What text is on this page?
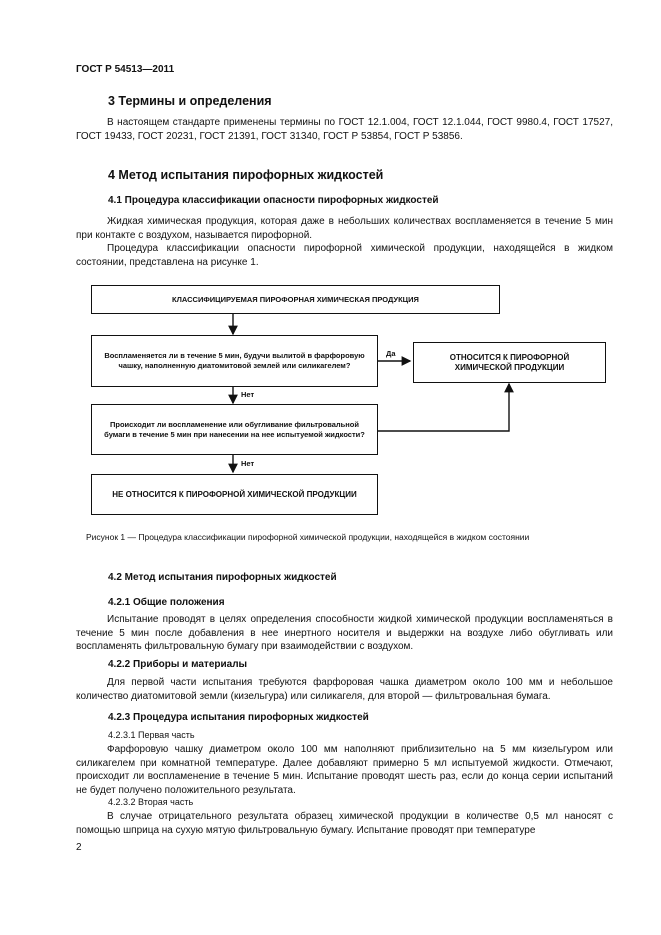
ГОСТ Р 54513—2011
3 Термины и определения
В настоящем стандарте применены термины по ГОСТ 12.1.004, ГОСТ 12.1.044, ГОСТ 9980.4, ГОСТ 17527, ГОСТ 19433, ГОСТ 20231, ГОСТ 21391, ГОСТ 31340, ГОСТ Р 53854, ГОСТ Р 53856.
4 Метод испытания пирофорных жидкостей
4.1 Процедура классификации опасности пирофорных жидкостей
Жидкая химическая продукция, которая даже в небольших количествах воспламеняется в течение 5 мин при контакте с воздухом, называется пирофорной.
Процедура классификации опасности пирофорной химической продукции, находящейся в жидком состоянии, представлена на рисунке 1.
КЛАССИФИЦИРУЕМАЯ ПИРОФОРНАЯ ХИМИЧЕСКАЯ ПРОДУКЦИЯ
Воспламеняется ли в течение 5 мин, будучи вылитой в фарфоровую чашку, наполненную диатомитовой землей или силикагелем?
ОТНОСИТСЯ К ПИРОФОРНОЙ ХИМИЧЕСКОЙ ПРОДУКЦИИ
Происходит ли воспламенение или обугливание фильтровальной бумаги в течение 5 мин при нанесении на нее испытуемой жидкости?
НЕ ОТНОСИТСЯ К ПИРОФОРНОЙ ХИМИЧЕСКОЙ ПРОДУКЦИИ
Да
Нет
Нет
Рисунок 1 — Процедура классификации пирофорной химической продукции, находящейся в жидком состоянии
4.2 Метод испытания пирофорных жидкостей
4.2.1 Общие положения
Испытание проводят в целях определения способности жидкой химической продукции воспламеняться в течение 5 мин после добавления в нее инертного носителя и выдержки на воздухе либо обугливать или воспламенять фильтровальную бумагу при взаимодействии с воздухом.
4.2.2 Приборы и материалы
Для первой части испытания требуются фарфоровая чашка диаметром около 100 мм и небольшое количество диатомитовой земли (кизельгура) или силикагеля, для второй — фильтровальная бумага.
4.2.3 Процедура испытания пирофорных жидкостей
4.2.3.1 Первая часть
Фарфоровую чашку диаметром около 100 мм наполняют приблизительно на 5 мм кизельгуром или силикагелем при комнатной температуре. Далее добавляют примерно 5 мл испытуемой жидкости. Отмечают, происходит ли воспламенение в течение 5 мин. Испытание проводят шесть раз, если до конца серии испытаний не будет получено положительного результата.
4.2.3.2 Вторая часть
В случае отрицательного результата образец химической продукции в количестве 0,5 мл наносят с помощью шприца на сухую мятую фильтровальную бумагу. Испытание проводят при температуре
2
